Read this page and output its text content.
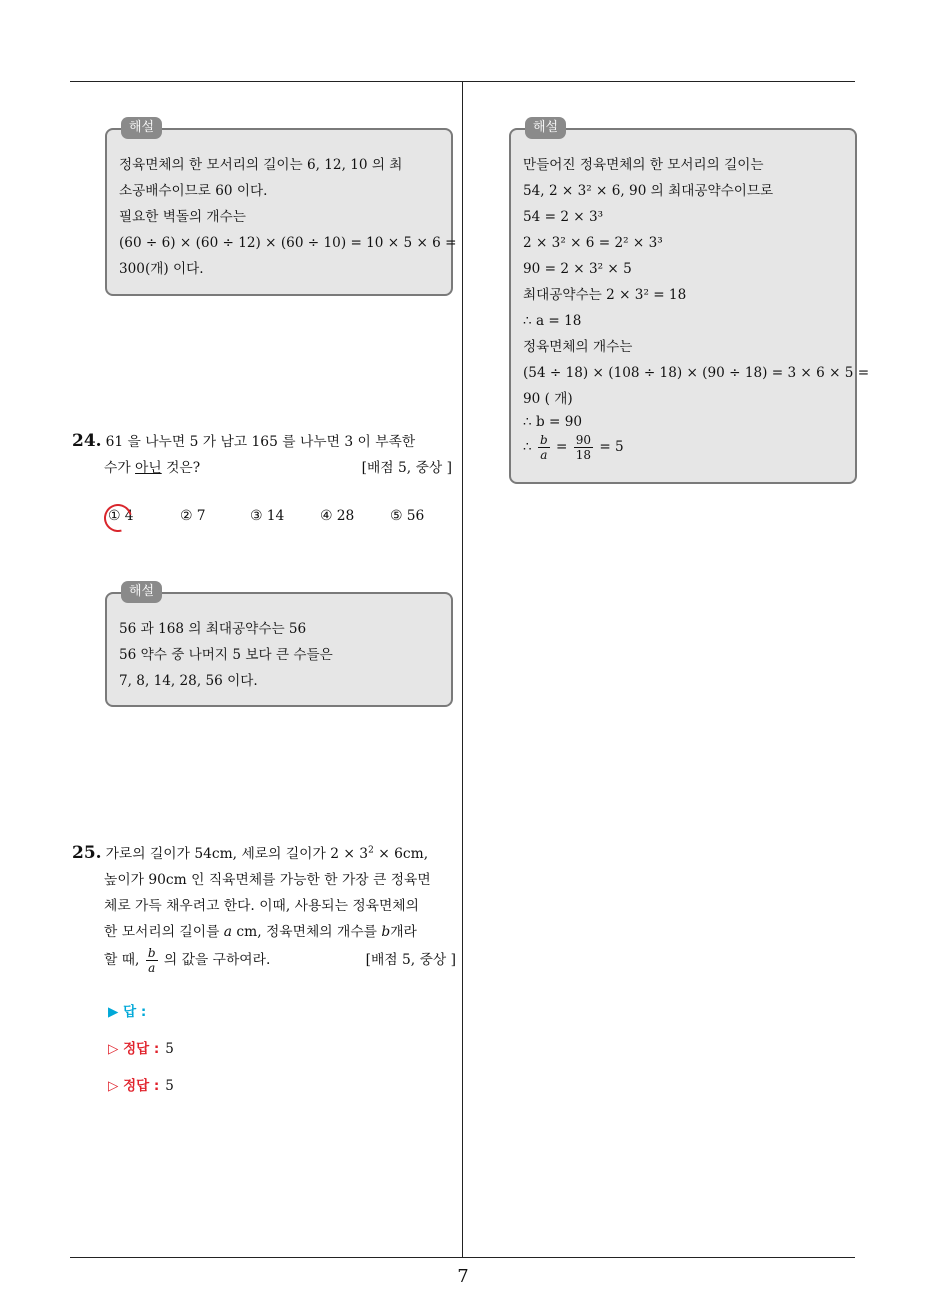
해설
정육면체의 한 모서리의 길이는 6, 12, 10 의 최
소공배수이므로 60 이다.
필요한 벽돌의 개수는
(60 ÷ 6) × (60 ÷ 12) × (60 ÷ 10) = 10 × 5 × 6 =
300(개) 이다.
24. 61 을 나누면 5 가 남고 165 를 나누면 3 이 부족한
수가 아닌 것은?	[배점 5, 중상 ]
① 4	② 7	③ 14	④ 28	⑤ 56
해설
56 과 168 의 최대공약수는 56
56 약수 중 나머지 5 보다 큰 수들은
7, 8, 14, 28, 56 이다.
25. 가로의 길이가 54cm, 세로의 길이가 $2 \times 3^2 \times 6cm$,
높이가 90cm 인 직육면체를 가능한 한 가장 큰 정육면
체로 가득 채우려고 한다. 이때, 사용되는 정육면체의
한 모서리의 길이를 a cm, 정육면체의 개수를 b개라
할 때, $\frac{b}{a}$ 의 값을 구하여라.	[배점 5, 중상 ]
▶ 답 :
▷ 정답 : 5
▷ 정답 : 5
해설
만들어진 정육면체의 한 모서리의 길이는
54, 2 × 3² × 6, 90 의 최대공약수이므로
54 = 2 × 3³
2 × 3² × 6 = 2² × 3³
90 = 2 × 3² × 5
최대공약수는 2 × 3² = 18
∴ a = 18
정육면체의 개수는
(54 ÷ 18) × (108 ÷ 18) × (90 ÷ 18) = 3 × 6 × 5 =
90 ( 개)
∴ b = 90
∴ $\frac{b}{a} = \frac{90}{18} = 5$
7
